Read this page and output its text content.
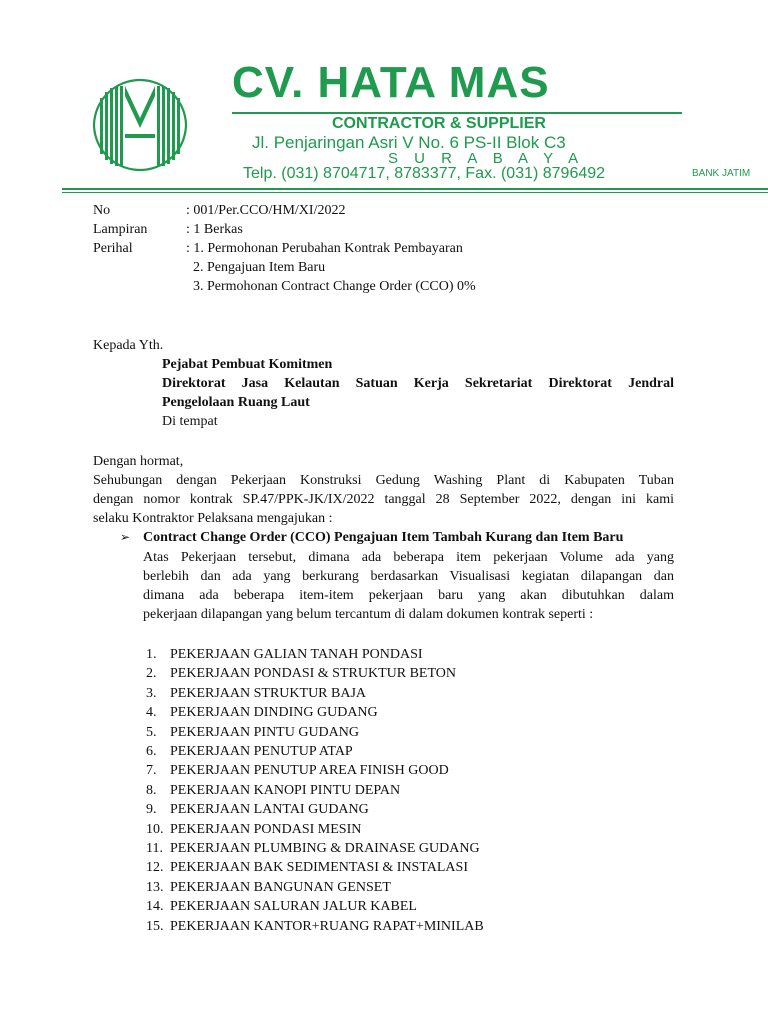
CV. HATA MAS
CONTRACTOR & SUPPLIER
Jl. Penjaringan Asri V No. 6 PS-II Blok C3
S U R A B A Y A
Telp. (031) 8704717, 8783377, Fax. (031) 8796492	BANK JATIM
No	: 001/Per.CCO/HM/XI/2022
Lampiran	: 1 Berkas
Perihal	: 1. Permohonan Perubahan Kontrak Pembayaran
2. Pengajuan Item Baru
3. Permohonan Contract Change Order (CCO) 0%
Kepada Yth.
Pejabat Pembuat Komitmen
Direktorat Jasa Kelautan Satuan Kerja Sekretariat Direktorat Jendral
Pengelolaan Ruang Laut
Di tempat
Dengan hormat,
Sehubungan dengan Pekerjaan Konstruksi Gedung Washing Plant di Kabupaten Tuban
dengan nomor kontrak SP.47/PPK-JK/IX/2022 tanggal 28 September 2022, dengan ini kami
selaku Kontraktor Pelaksana mengajukan :
➢ Contract Change Order (CCO) Pengajuan Item Tambah Kurang dan Item Baru
Atas Pekerjaan tersebut, dimana ada beberapa item pekerjaan Volume ada yang
berlebih dan ada yang berkurang berdasarkan Visualisasi kegiatan dilapangan dan
dimana ada beberapa item-item pekerjaan baru yang akan dibutuhkan dalam
pekerjaan dilapangan yang belum tercantum di dalam dokumen kontrak seperti :
1. PEKERJAAN GALIAN TANAH PONDASI
2. PEKERJAAN PONDASI & STRUKTUR BETON
3. PEKERJAAN STRUKTUR BAJA
4. PEKERJAAN DINDING GUDANG
5. PEKERJAAN PINTU GUDANG
6. PEKERJAAN PENUTUP ATAP
7. PEKERJAAN PENUTUP AREA FINISH GOOD
8. PEKERJAAN KANOPI PINTU DEPAN
9. PEKERJAAN LANTAI GUDANG
10. PEKERJAAN PONDASI MESIN
11. PEKERJAAN PLUMBING & DRAINASE GUDANG
12. PEKERJAAN BAK SEDIMENTASI & INSTALASI
13. PEKERJAAN BANGUNAN GENSET
14. PEKERJAAN SALURAN JALUR KABEL
15. PEKERJAAN KANTOR+RUANG RAPAT+MINILAB
